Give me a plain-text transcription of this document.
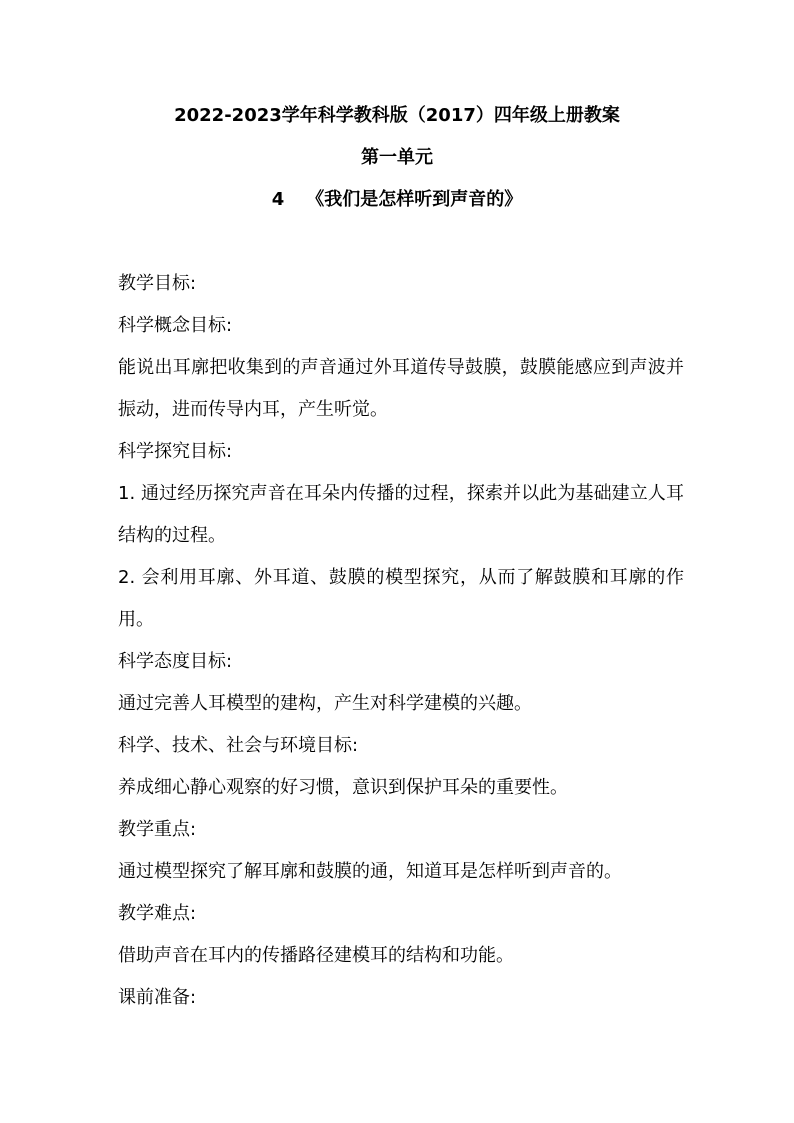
2022-2023学年科学教科版（2017）四年级上册教案
第一单元
4 《我们是怎样听到声音的》
教学目标:
科学概念目标:
能说出耳廓把收集到的声音通过外耳道传导鼓膜，鼓膜能感应到声波并振动，进而传导内耳，产生听觉。
科学探究目标:
1. 通过经历探究声音在耳朵内传播的过程，探索并以此为基础建立人耳结构的过程。
2. 会利用耳廓、外耳道、鼓膜的模型探究，从而了解鼓膜和耳廓的作用。
科学态度目标:
通过完善人耳模型的建构，产生对科学建模的兴趣。
科学、技术、社会与环境目标:
养成细心静心观察的好习惯，意识到保护耳朵的重要性。
教学重点:
通过模型探究了解耳廓和鼓膜的通，知道耳是怎样听到声音的。
教学难点:
借助声音在耳内的传播路径建模耳的结构和功能。
课前准备:
